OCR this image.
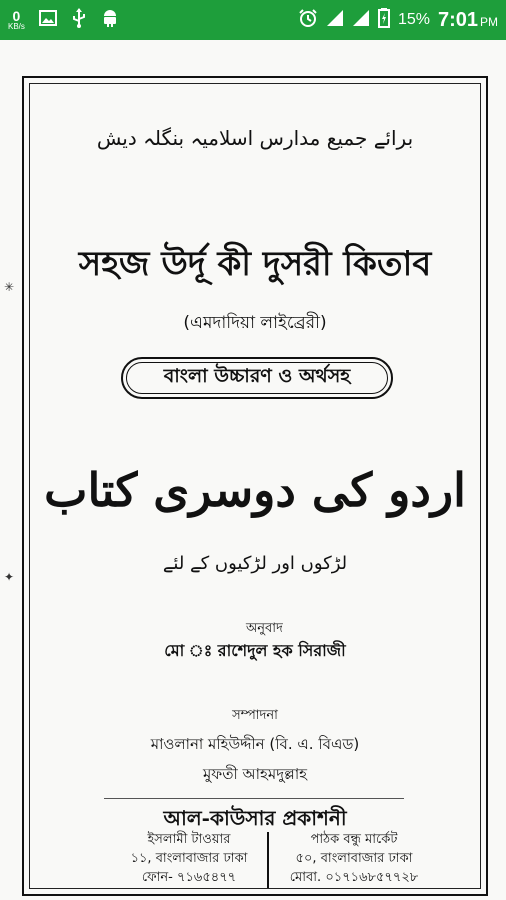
0
KB/s	15% 7:01 PM
✳
✦
برائے جمیع مدارس اسلامیہ بنگلہ دیش
সহজ উর্দূ কী দুসরী কিতাব
(এমদাদিয়া লাইব্রেরী)
বাংলা উচ্চারণ ও অর্থসহ
اردو کی دوسری کتاب
لڑکوں اور لڑکیوں کے لئے
অনুবাদ
মো ঃ রাশেদুল হক সিরাজী
সম্পাদনা
মাওলানা মহিউদ্দীন (বি. এ. বিএড)
মুফতী আহমদুল্লাহ
আল-কাউসার প্রকাশনী
ইসলামী টাওয়ার
১১, বাংলাবাজার ঢাকা
ফোন- ৭১৬৫৪৭৭
পাঠক বন্ধু মার্কেট
৫০, বাংলাবাজার ঢাকা
মোবা. ০১৭১৬৮৫৭৭২৮
